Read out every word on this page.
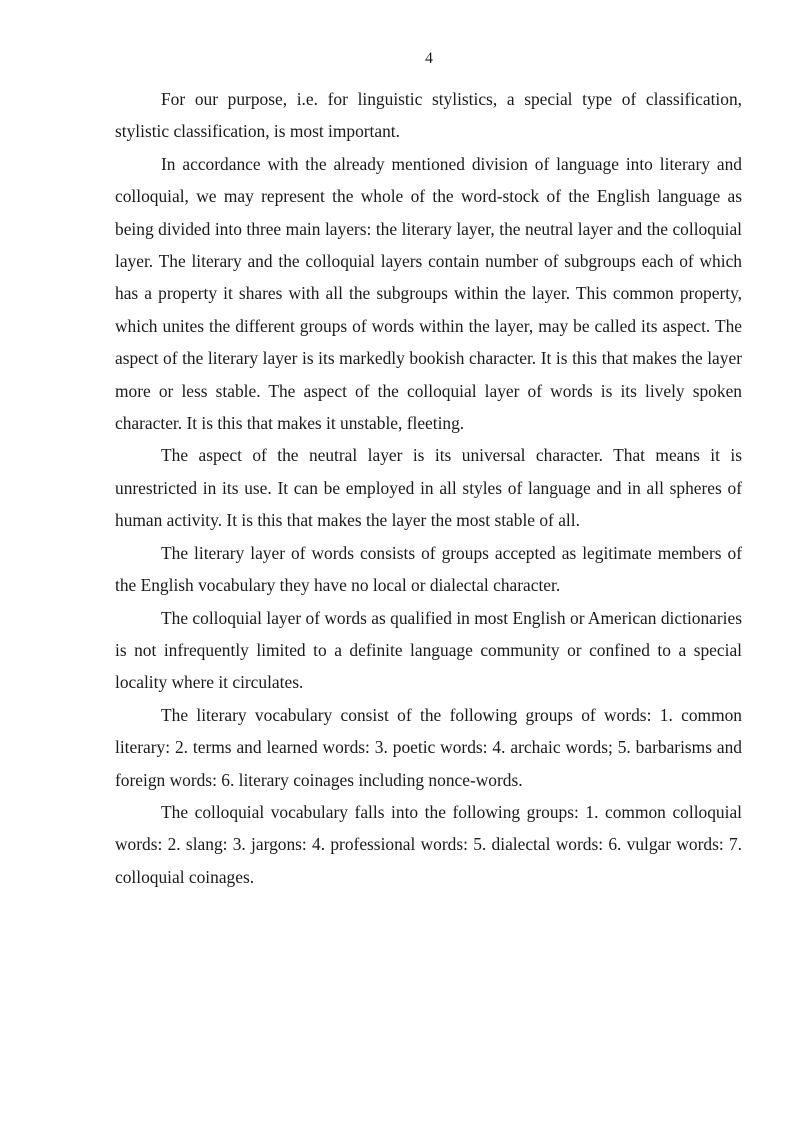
4

For our purpose, i.e. for linguistic stylistics, a special type of classification, stylistic classification, is most important.

In accordance with the already mentioned division of language into literary and colloquial, we may represent the whole of the word-stock of the English language as being divided into three main layers: the literary layer, the neutral layer and the colloquial layer. The literary and the colloquial layers contain number of subgroups each of which has a property it shares with all the subgroups within the layer. This common property, which unites the different groups of words within the layer, may be called its aspect. The aspect of the literary layer is its markedly bookish character. It is this that makes the layer more or less stable. The aspect of the colloquial layer of words is its lively spoken character. It is this that makes it unstable, fleeting.

The aspect of the neutral layer is its universal character. That means it is unrestricted in its use. It can be employed in all styles of language and in all spheres of human activity. It is this that makes the layer the most stable of all.

The literary layer of words consists of groups accepted as legitimate members of the English vocabulary they have no local or dialectal character.

The colloquial layer of words as qualified in most English or American dictionaries is not infrequently limited to a definite language community or confined to a special locality where it circulates.

The literary vocabulary consist of the following groups of words: 1. common literary: 2. terms and learned words: 3. poetic words: 4. archaic words; 5. barbarisms and foreign words: 6. literary coinages including nonce-words.

The colloquial vocabulary falls into the following groups: 1. common colloquial words: 2. slang: 3. jargons: 4. professional words: 5. dialectal words: 6. vulgar words: 7. colloquial coinages.
